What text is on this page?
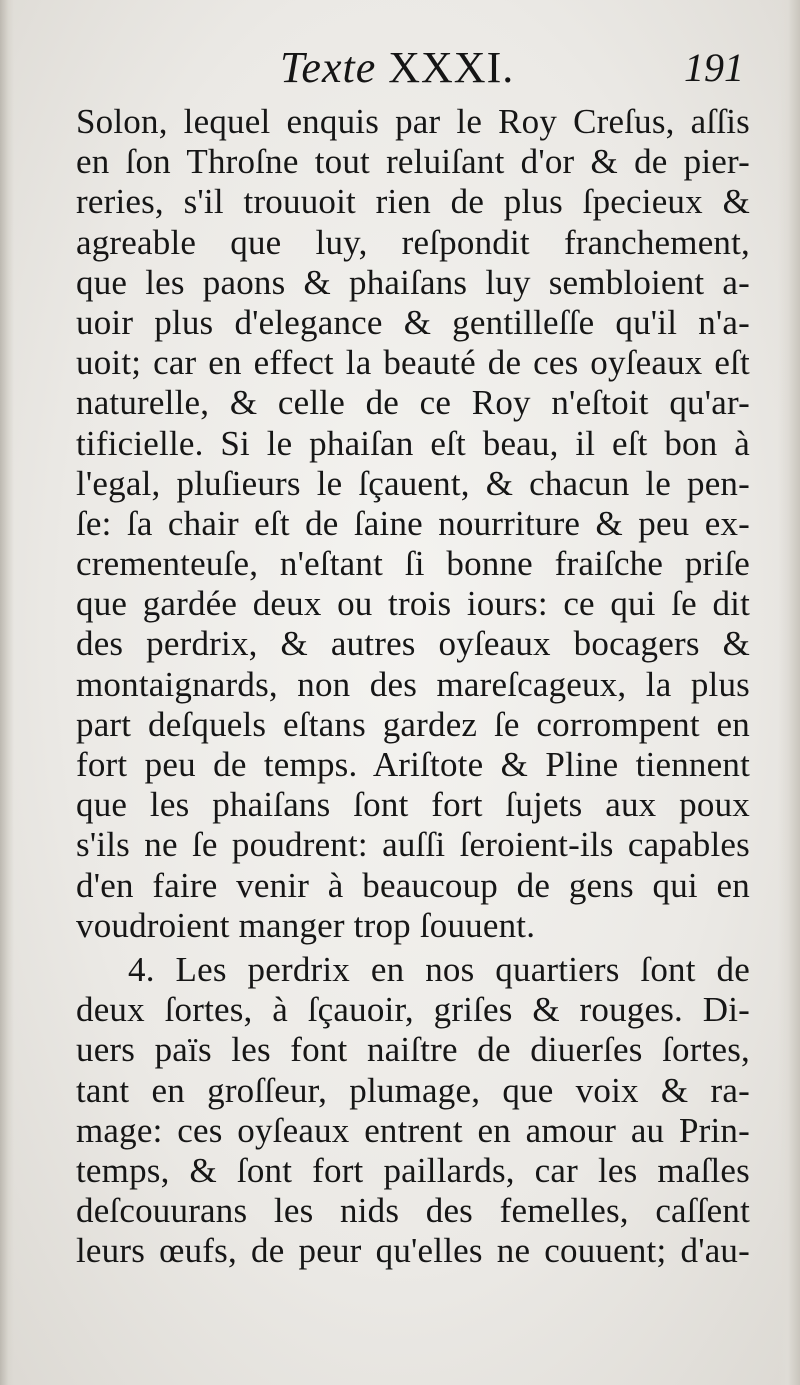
Texte XXXI.	191
Solon, lequel enquis par le Roy Creſus, aſſis
en ſon Throſne tout reluiſant d'or & de pier-
reries, s'il trouuoit rien de plus ſpecieux &
agreable que luy, reſpondit franchement,
que les paons & phaiſans luy sembloient a-
uoir plus d'elegance & gentilleſſe qu'il n'a-
uoit; car en effect la beauté de ces oyſeaux eſt
naturelle, & celle de ce Roy n'eſtoit qu'ar-
tificielle. Si le phaiſan eſt beau, il eſt bon à
l'egal, pluſieurs le ſçauent, & chacun le pen-
ſe: ſa chair eſt de ſaine nourriture & peu ex-
crementeuſe, n'eſtant ſi bonne fraiſche priſe
que gardée deux ou trois iours: ce qui ſe dit
des perdrix, & autres oyſeaux bocagers &
montaignards, non des mareſcageux, la plus
part deſquels eſtans gardez ſe corrompent en
fort peu de temps. Ariſtote & Pline tiennent
que les phaiſans ſont fort ſujets aux poux
s'ils ne ſe poudrent: auſſi ſeroient-ils capables
d'en faire venir à beaucoup de gens qui en
voudroient manger trop ſouuent.
4. Les perdrix en nos quartiers ſont de
deux ſortes, à ſçauoir, griſes & rouges. Di-
uers païs les font naiſtre de diuerſes ſortes,
tant en groſſeur, plumage, que voix & ra-
mage: ces oyſeaux entrent en amour au Prin-
temps, & ſont fort paillards, car les maſles
deſcouurans les nids des femelles, caſſent
leurs œufs, de peur qu'elles ne couuent; d'au-
